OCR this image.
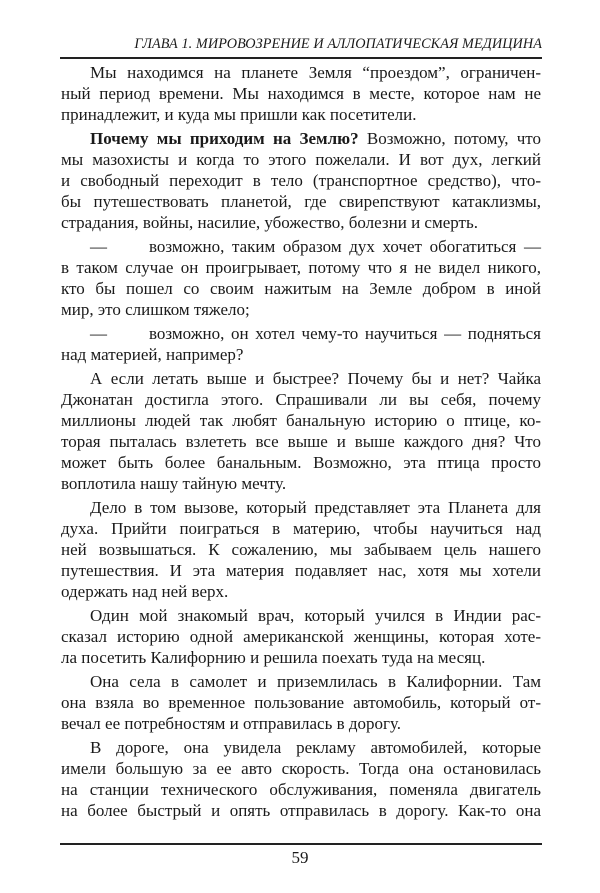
ГЛАВА 1. МИРОВОЗРЕНИЕ И АЛЛОПАТИЧЕСКАЯ МЕДИЦИНА
Мы находимся на планете Земля “проездом”, ограничен-
ный период времени. Мы находимся в месте, которое нам не
принадлежит, и куда мы пришли как посетители.
Почему мы приходим на Землю? Возможно, потому, что
мы мазохисты и когда то этого пожелали. И вот дух, легкий
и свободный переходит в тело (транспортное средство), что-
бы путешествовать планетой, где свирепствуют катаклизмы,
страдания, войны, насилие, убожество, болезни и смерть.
—	возможно, таким образом дух хочет обогатиться —
в таком случае он проигрывает, потому что я не видел никого,
кто бы пошел со своим нажитым на Земле добром в иной
мир, это слишком тяжело;
—	возможно, он хотел чему-то научиться — подняться
над материей, например?
А если летать выше и быстрее? Почему бы и нет? Чайка
Джонатан достигла этого. Спрашивали ли вы себя, почему
миллионы людей так любят банальную историю о птице, ко-
торая пыталась взлететь все выше и выше каждого дня? Что
может быть более банальным. Возможно, эта птица просто
воплотила нашу тайную мечту.
Дело в том вызове, который представляет эта Планета для
духа. Прийти поиграться в материю, чтобы научиться над
ней возвышаться. К сожалению, мы забываем цель нашего
путешествия. И эта материя подавляет нас, хотя мы хотели
одержать над ней верх.
Один мой знакомый врач, который учился в Индии рас-
сказал историю одной американской женщины, которая хоте-
ла посетить Калифорнию и решила поехать туда на месяц.
Она села в самолет и приземлилась в Калифорнии. Там
она взяла во временное пользование автомобиль, который от-
вечал ее потребностям и отправилась в дорогу.
В дороге, она увидела рекламу автомобилей, которые
имели большую за ее авто скорость. Тогда она остановилась
на станции технического обслуживания, поменяла двигатель
на более быстрый и опять отправилась в дорогу. Как-то она
59
